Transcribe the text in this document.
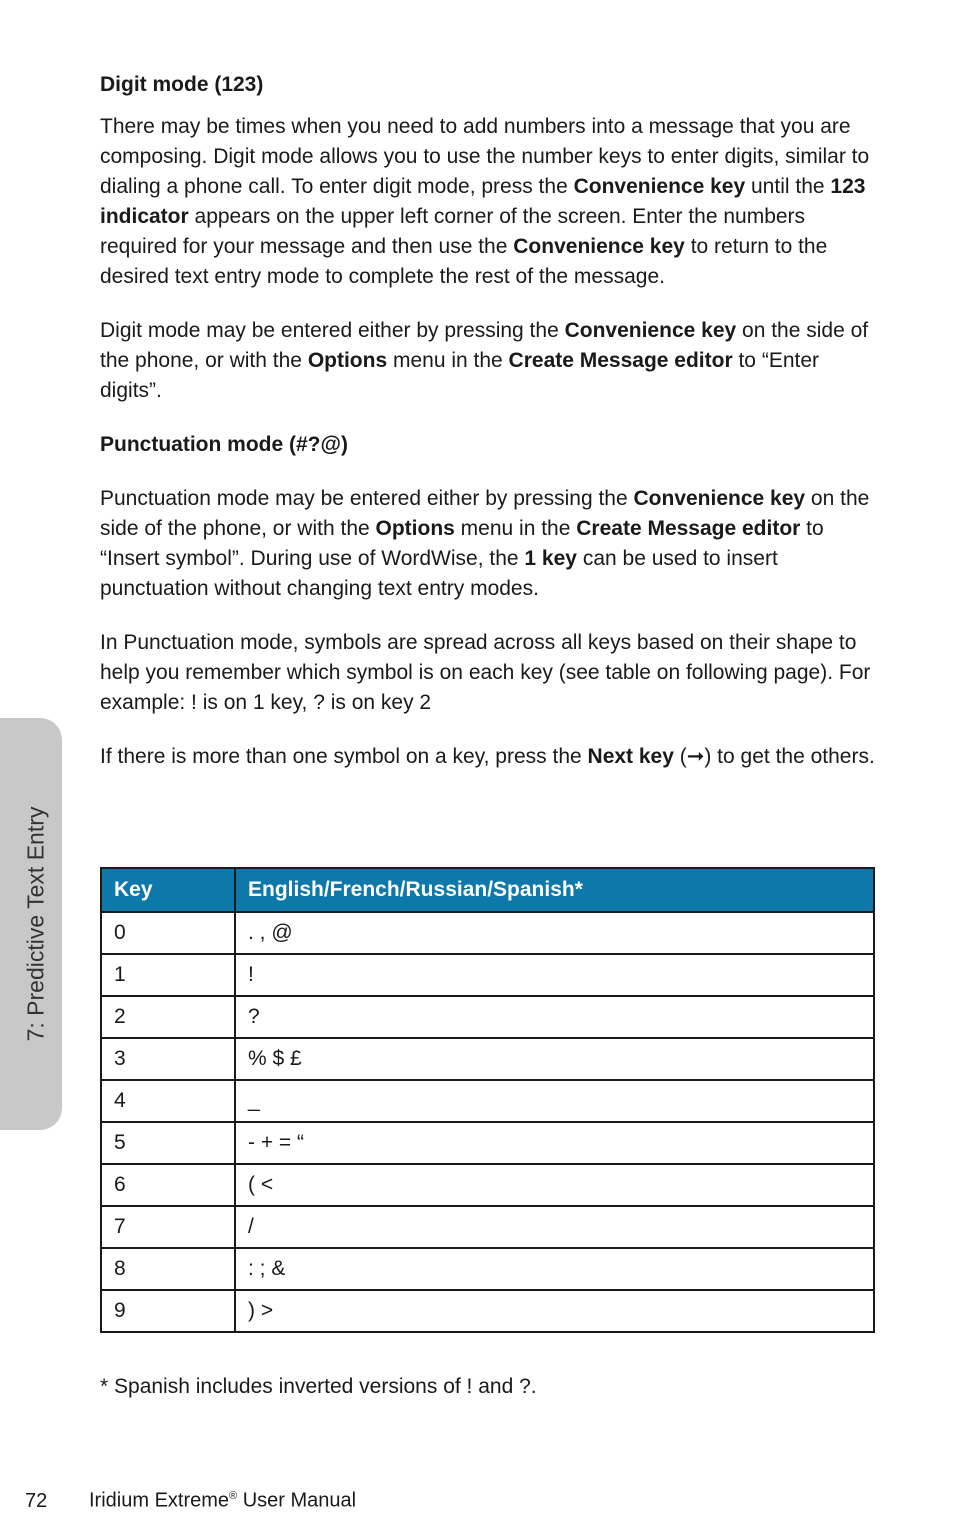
7: Predictive Text Entry
Digit mode (123)

There may be times when you need to add numbers into a message that you are composing. Digit mode allows you to use the number keys to enter digits, similar to dialing a phone call. To enter digit mode, press the Convenience key until the 123 indicator appears on the upper left corner of the screen. Enter the numbers required for your message and then use the Convenience key to return to the desired text entry mode to complete the rest of the message.

Digit mode may be entered either by pressing the Convenience key on the side of the phone, or with the Options menu in the Create Message editor to “Enter digits”.

Punctuation mode (#?@)

Punctuation mode may be entered either by pressing the Convenience key on the side of the phone, or with the Options menu in the Create Message editor to “Insert symbol”. During use of WordWise, the 1 key can be used to insert punctuation without changing text entry modes.

In Punctuation mode, symbols are spread across all keys based on their shape to help you remember which symbol is on each key (see table on following page). For example: ! is on 1 key, ? is on key 2

If there is more than one symbol on a key, press the Next key (➞) to get the others.

Key	English/French/Russian/Spanish*
0	. , @
1	!
2	?
3	% $ £
4	_
5	- + = “
6	( <
7	/
8	: ; &
9	) >
* Spanish includes inverted versions of ! and ?.
72 Iridium Extreme® User Manual
